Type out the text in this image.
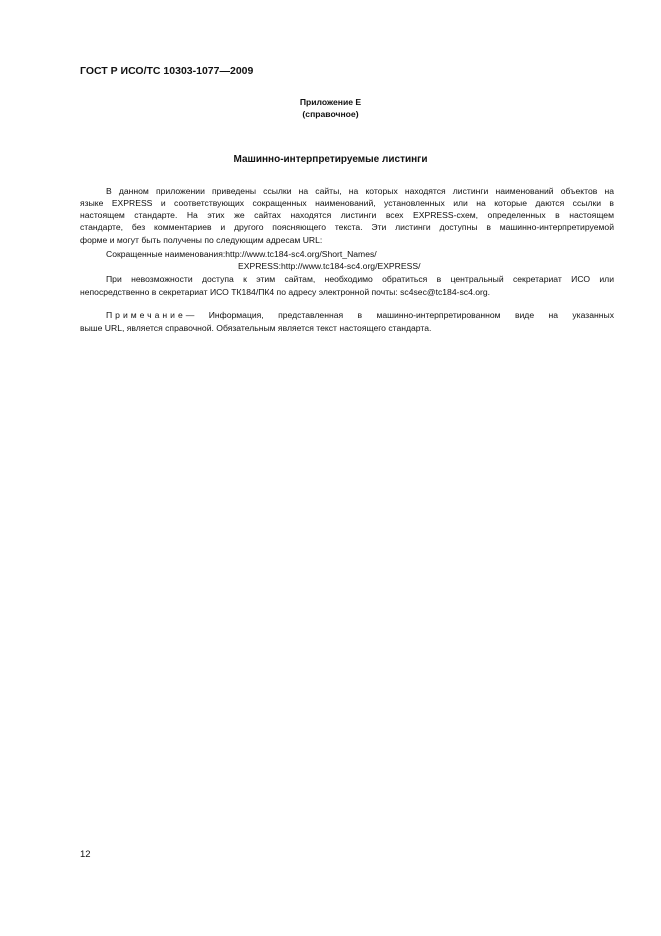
ГОСТ Р ИСО/ТС 10303-1077—2009
Приложение Е
(справочное)
Машинно-интерпретируемые листинги
В данном приложении приведены ссылки на сайты, на которых находятся листинги наименований объектов на
языке EXPRESS и соответствующих сокращенных наименований, установленных или на которые даются ссылки в
настоящем стандарте. На этих же сайтах находятся листинги всех EXPRESS-схем, определенных в настоящем
стандарте, без комментариев и другого поясняющего текста. Эти листинги доступны в машинно-интерпретируемой
форме и могут быть получены по следующим адресам URL:
Сокращенные наименования:http://www.tc184-sc4.org/Short_Names/
EXPRESS:http://www.tc184-sc4.org/EXPRESS/
При невозможности доступа к этим сайтам, необходимо обратиться в центральный секретариат ИСО или
непосредственно в секретариат ИСО ТК184/ПК4 по адресу электронной почты: sc4sec@tc184-sc4.org.
Примечание — Информация, представленная в машинно-интерпретированном виде на указанных
выше URL, является справочной. Обязательным является текст настоящего стандарта.
12
